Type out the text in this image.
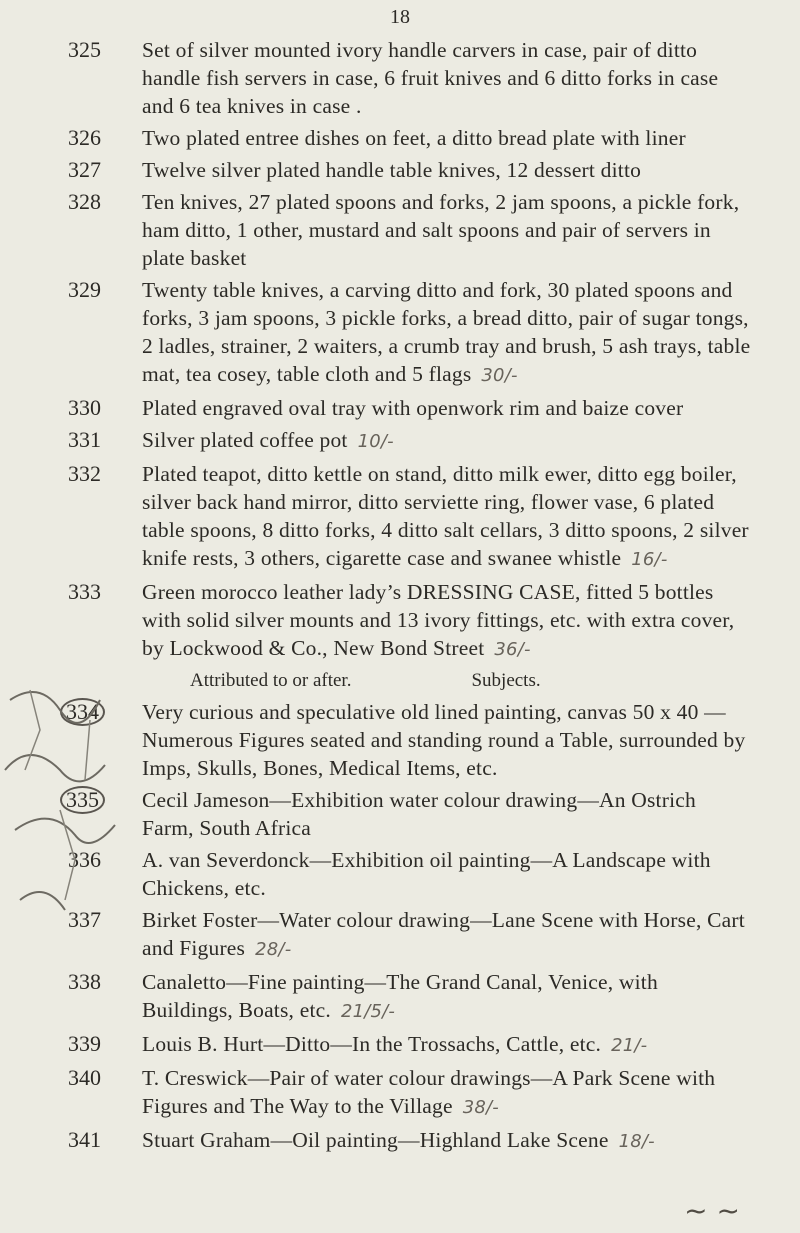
18
325	Set of silver mounted ivory handle carvers in case, pair of ditto handle fish servers in case, 6 fruit knives and 6 ditto forks in case and 6 tea knives in case .
326	Two plated entree dishes on feet, a ditto bread plate with liner
327	Twelve silver plated handle table knives, 12 dessert ditto
328	Ten knives, 27 plated spoons and forks, 2 jam spoons, a pickle fork, ham ditto, 1 other, mustard and salt spoons and pair of servers in plate basket
329	Twenty table knives, a carving ditto and fork, 30 plated spoons and forks, 3 jam spoons, 3 pickle forks, a bread ditto, pair of sugar tongs, 2 ladles, strainer, 2 waiters, a crumb tray and brush, 5 ash trays, table mat, tea cosey, table cloth and 5 flags 30/-
330	Plated engraved oval tray with openwork rim and baize cover
331	Silver plated coffee pot 10/-
332	Plated teapot, ditto kettle on stand, ditto milk ewer, ditto egg boiler, silver back hand mirror, ditto serviette ring, flower vase, 6 plated table spoons, 8 ditto forks, 4 ditto salt cellars, 3 ditto spoons, 2 silver knife rests, 3 others, cigarette case and swanee whistle 16/-
333	Green morocco leather lady’s DRESSING CASE, fitted 5 bottles with solid silver mounts and 13 ivory fittings, etc. with extra cover, by Lockwood & Co., New Bond Street 36/-
Attributed to or after.	Subjects.
334	Very curious and speculative old lined painting, canvas 50 x 40 — Numerous Figures seated and standing round a Table, surrounded by Imps, Skulls, Bones, Medical Items, etc.
335	Cecil Jameson—Exhibition water colour drawing—An Ostrich Farm, South Africa
336	A. van Severdonck—Exhibition oil painting—A Landscape with Chickens, etc.
337	Birket Foster—Water colour drawing—Lane Scene with Horse, Cart and Figures 28/-
338	Canaletto—Fine painting—The Grand Canal, Venice, with Buildings, Boats, etc. 21/5/-
339	Louis B. Hurt—Ditto—In the Trossachs, Cattle, etc. 21/-
340	T. Creswick—Pair of water colour drawings—A Park Scene with Figures and The Way to the Village 38/-
341	Stuart Graham—Oil painting—Highland Lake Scene 18/-
~ ~
